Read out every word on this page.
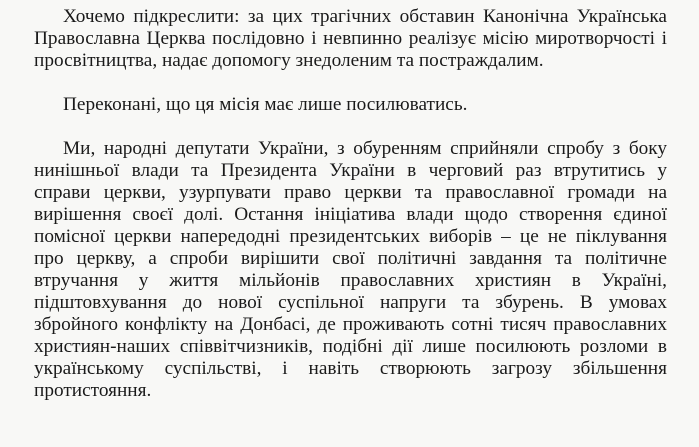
Хочемо підкреслити: за цих трагічних обставин Канонічна Українська
Православна Церква послідовно і невпинно реалізує місію миротворчості і
просвітництва, надає допомогу знедоленим та постраждалим.
Переконані, що ця місія має лише посилюватись.
Ми, народні депутати України, з обуренням сприйняли спробу з боку
нинішньої влади та Президента України в черговий раз втрутитись у
справи церкви, узурпувати право церкви та православної громади на
вирішення своєї долі. Остання ініціатива влади щодо створення єдиної
помісної церкви напередодні президентських виборів – це не піклування
про церкву, а спроби вирішити свої політичні завдання та політичне
втручання у життя мільйонів православних християн в Україні,
підштовхування до нової суспільної напруги та збурень. В умовах
збройного конфлікту на Донбасі, де проживають сотні тисяч православних
християн-наших співвітчизників, подібні дії лише посилюють розломи в
українському суспільстві, і навіть створюють загрозу збільшення
протистояння.
